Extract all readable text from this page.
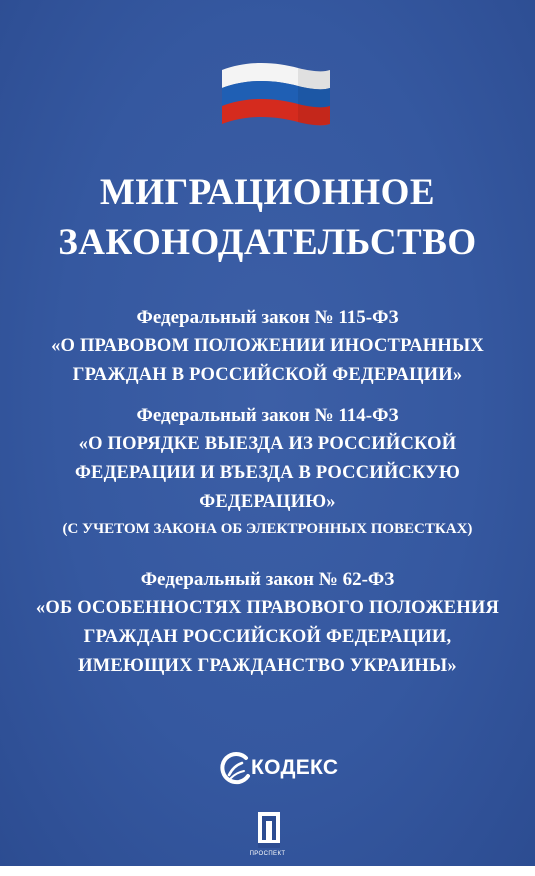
МИГРАЦИОННОЕ
ЗАКОНОДАТЕЛЬСТВО
Федеральный закон № 115-ФЗ
«О ПРАВОВОМ ПОЛОЖЕНИИ ИНОСТРАННЫХ
ГРАЖДАН В РОССИЙСКОЙ ФЕДЕРАЦИИ»
Федеральный закон № 114-ФЗ
«О ПОРЯДКЕ ВЫЕЗДА ИЗ РОССИЙСКОЙ
ФЕДЕРАЦИИ И ВЪЕЗДА В РОССИЙСКУЮ
ФЕДЕРАЦИЮ»
(С УЧЕТОМ ЗАКОНА ОБ ЭЛЕКТРОННЫХ ПОВЕСТКАХ)
Федеральный закон № 62-ФЗ
«ОБ ОСОБЕННОСТЯХ ПРАВОВОГО ПОЛОЖЕНИЯ
ГРАЖДАН РОССИЙСКОЙ ФЕДЕРАЦИИ,
ИМЕЮЩИХ ГРАЖДАНСТВО УКРАИНЫ»
КОДЕКС
ПРОСПЕКТ
